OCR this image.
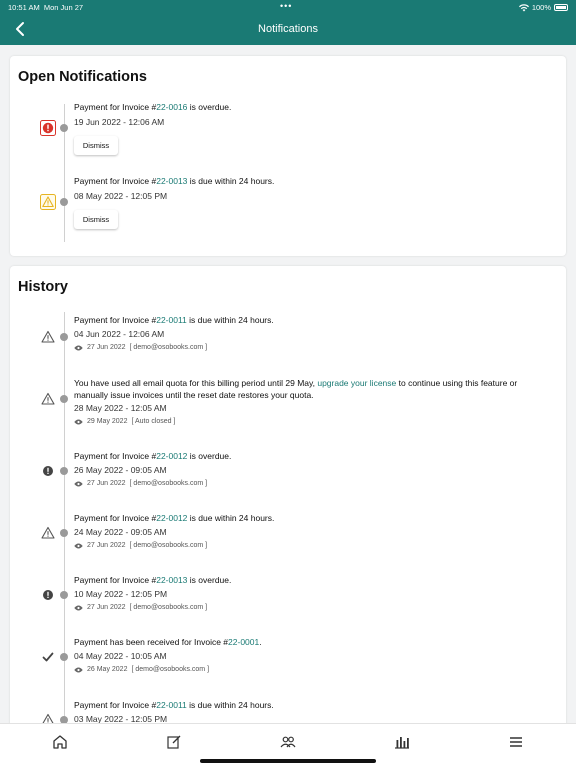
10:51 AM Mon Jun 27	•••	100%
Notifications
Open Notifications
Payment for Invoice #22-0016 is overdue.
19 Jun 2022 - 12:06 AM
Dismiss
Payment for Invoice #22-0013 is due within 24 hours.
08 May 2022 - 12:05 PM
Dismiss
History
Payment for Invoice #22-0011 is due within 24 hours.
04 Jun 2022 - 12:06 AM
27 Jun 2022 [ demo@osobooks.com ]
You have used all email quota for this billing period until 29 May, upgrade your license to continue using this feature or manually issue invoices until the reset date restores your quota.
28 May 2022 - 12:05 AM
29 May 2022 [ Auto closed ]
Payment for Invoice #22-0012 is overdue.
26 May 2022 - 09:05 AM
27 Jun 2022 [ demo@osobooks.com ]
Payment for Invoice #22-0012 is due within 24 hours.
24 May 2022 - 09:05 AM
27 Jun 2022 [ demo@osobooks.com ]
Payment for Invoice #22-0013 is overdue.
10 May 2022 - 12:05 PM
27 Jun 2022 [ demo@osobooks.com ]
Payment has been received for Invoice #22-0001.
04 May 2022 - 10:05 AM
26 May 2022 [ demo@osobooks.com ]
Payment for Invoice #22-0011 is due within 24 hours.
03 May 2022 - 12:05 PM
